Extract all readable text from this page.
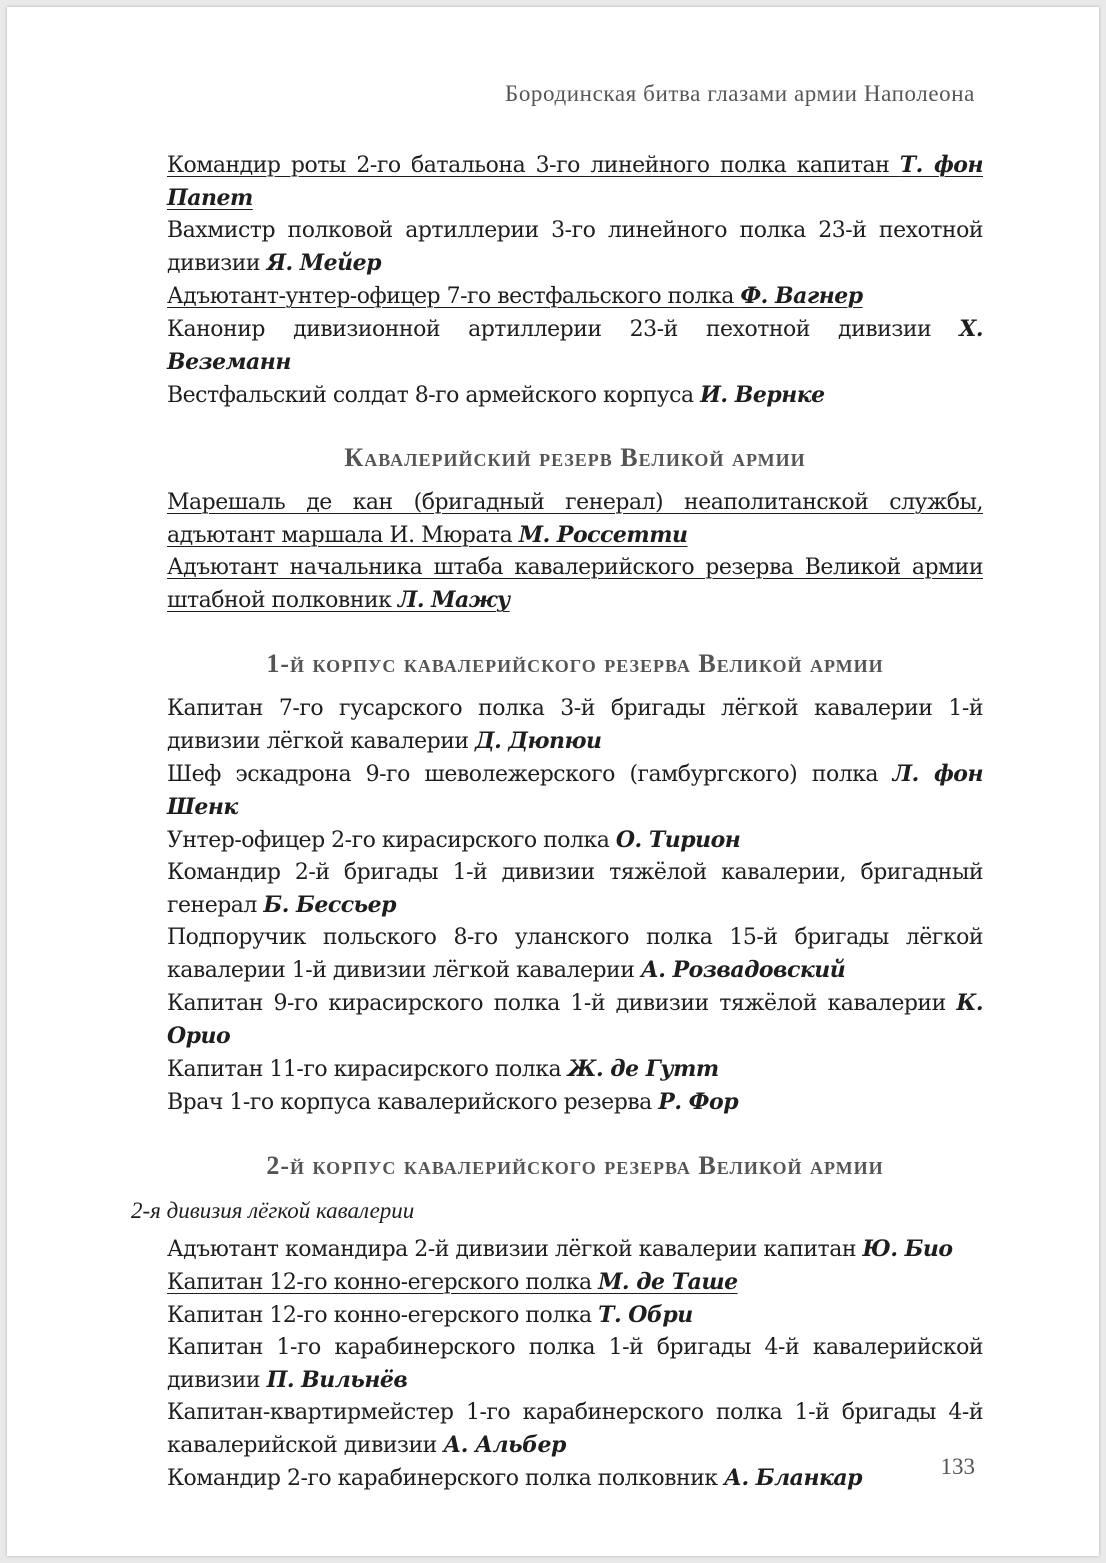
Бородинская битва глазами армии Наполеона

Командир роты 2-го батальона 3-го линейного полка капитан Т. фон Папет

Вахмистр полковой артиллерии 3-го линейного полка 23-й пехотной дивизии Я. Мейер

Адъютант-унтер-офицер 7-го вестфальского полка Ф. Вагнер

Канонир дивизионной артиллерии 23-й пехотной дивизии Х. Веземанн

Вестфальский солдат 8-го армейского корпуса И. Вернке

Кавалерийский резерв Великой армии

Марешаль де кан (бригадный генерал) неаполитанской службы, адъютант маршала И. Мюрата М. Россетти

Адъютант начальника штаба кавалерийского резерва Великой армии штабной полковник Л. Мажу

1-й корпус кавалерийского резерва Великой армии

Капитан 7-го гусарского полка 3-й бригады лёгкой кавалерии 1-й дивизии лёгкой кавалерии Д. Дюпюи

Шеф эскадрона 9-го шеволежерского (гамбургского) полка Л. фон Шенк

Унтер-офицер 2-го кирасирского полка О. Тирион

Командир 2-й бригады 1-й дивизии тяжёлой кавалерии, бригадный генерал Б. Бессьер

Подпоручик польского 8-го уланского полка 15-й бригады лёгкой кавалерии 1-й дивизии лёгкой кавалерии А. Розвадовский

Капитан 9-го кирасирского полка 1-й дивизии тяжёлой кавалерии К. Орио

Капитан 11-го кирасирского полка Ж. де Гутт

Врач 1-го корпуса кавалерийского резерва Р. Фор

2-й корпус кавалерийского резерва Великой армии

2-я дивизия лёгкой кавалерии

Адъютант командира 2-й дивизии лёгкой кавалерии капитан Ю. Био

Капитан 12-го конно-егерского полка М. де Таше

Капитан 12-го конно-егерского полка Т. Обри

Капитан 1-го карабинерского полка 1-й бригады 4-й кавалерийской дивизии П. Вильнёв

Капитан-квартирмейстер 1-го карабинерского полка 1-й бригады 4-й кавалерийской дивизии А. Альбер

Командир 2-го карабинерского полка полковник А. Бланкар	133
